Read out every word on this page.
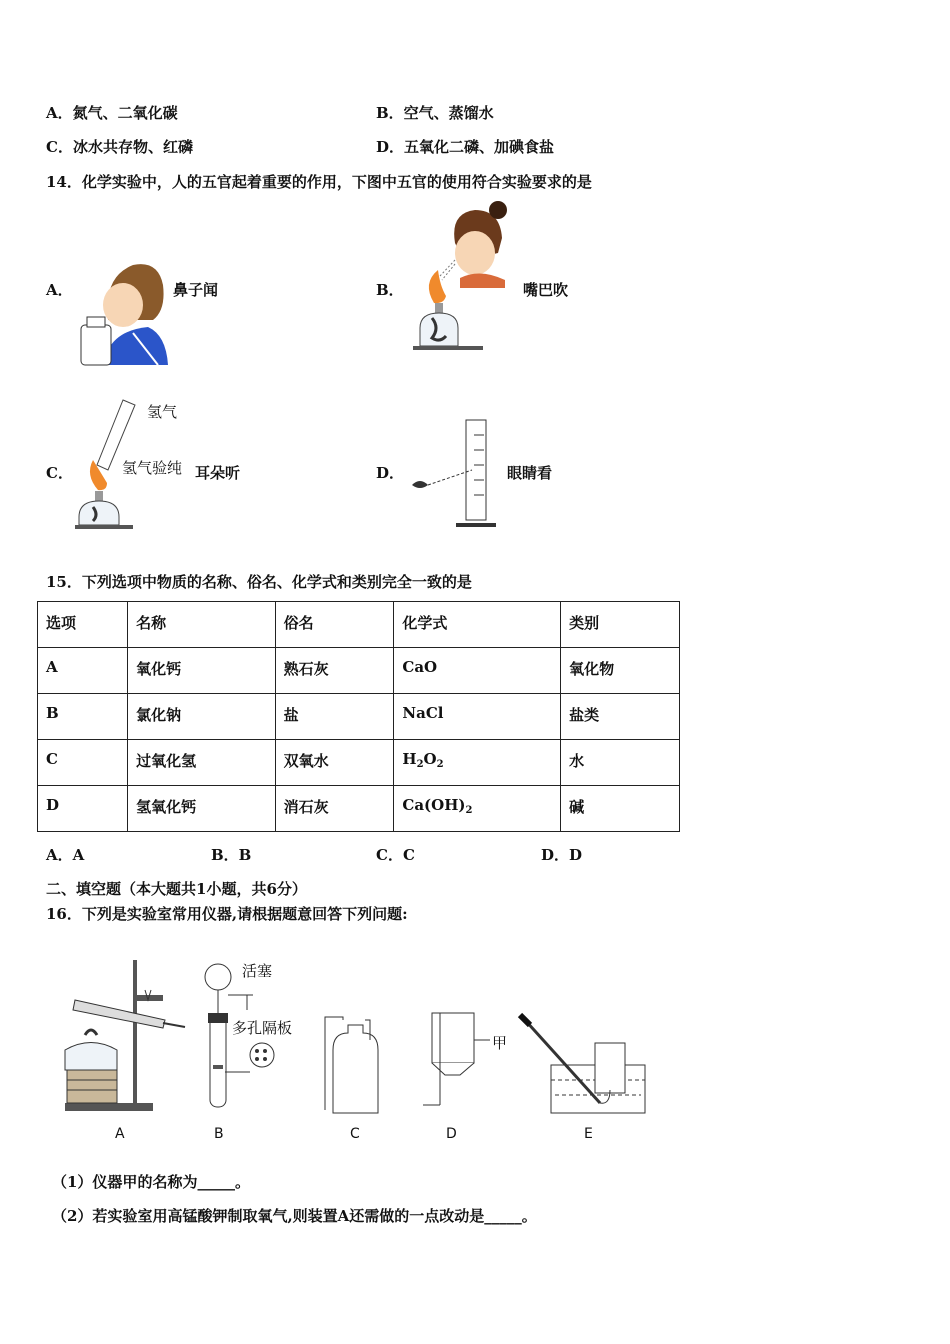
A．氮气、二氧化碳	B．空气、蒸馏水
C．冰水共存物、红磷	D．五氧化二磷、加碘食盐
14．化学实验中，人的五官起着重要的作用，下图中五官的使用符合实验要求的是
A．	鼻子闻	B．	嘴巴吹
C．
氢气
氢气验纯 耳朵听	D．	眼睛看
15．下列选项中物质的名称、俗名、化学式和类别完全一致的是
选项	名称	俗名	化学式	类别
A	氧化钙	熟石灰	CaO	氧化物
B	氯化钠	盐	NaCl	盐类
C	过氧化氢	双氧水	$H_2O_2$	水
D	氢氧化钙	消石灰	$Ca(OH)_2$	碱
A．A	B．B	C．C	D．D
二、填空题（本大题共1小题，共6分）
16．下列是实验室常用仪器,请根据题意回答下列问题:
活塞
多孔隔板
甲
A	B	C	D	E
（1）仪器甲的名称为_____。
（2）若实验室用高锰酸钾制取氧气,则装置A还需做的一点改动是_____。
